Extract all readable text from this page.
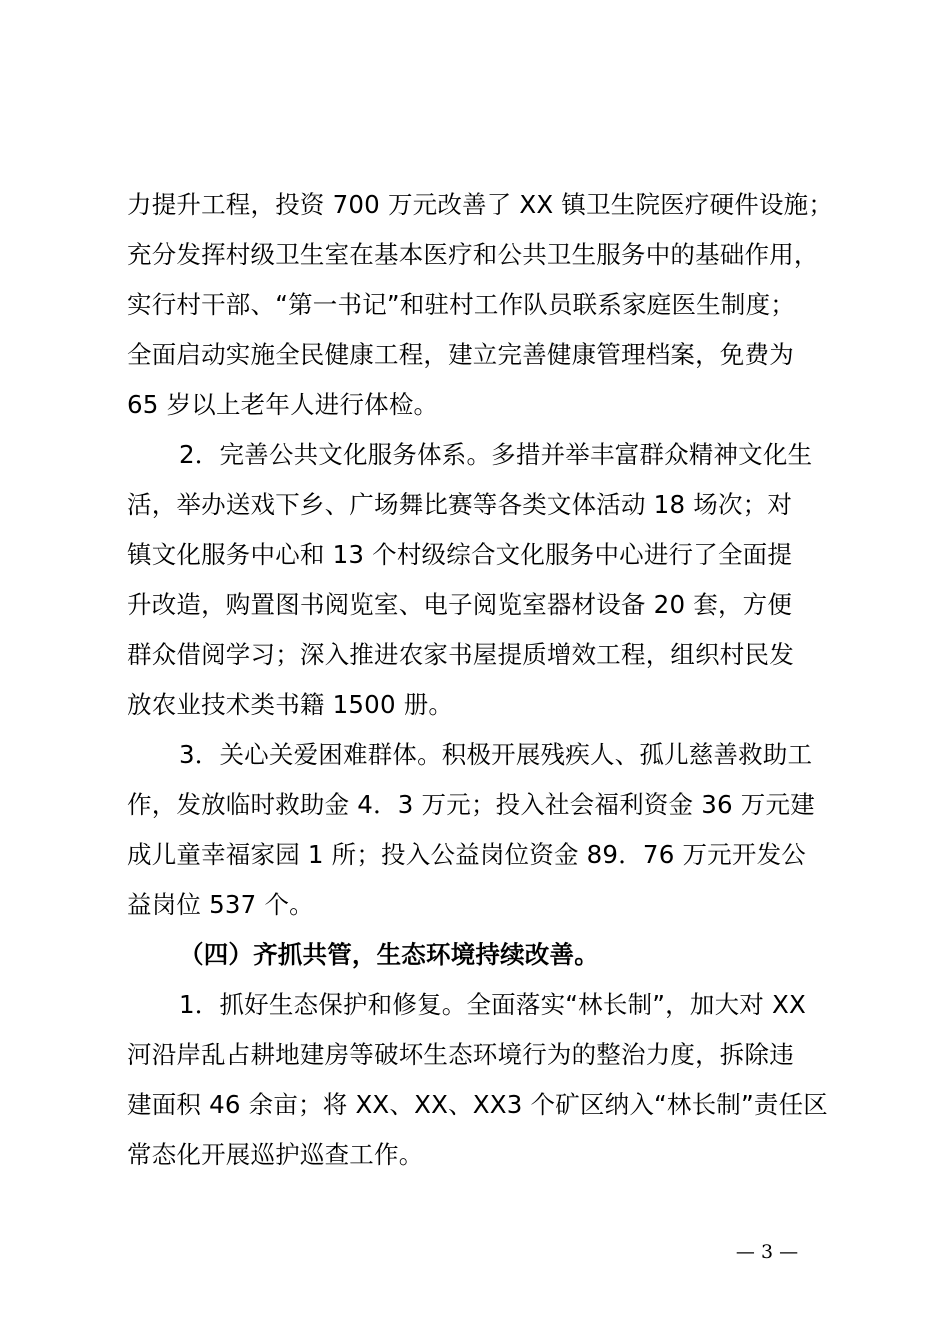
力提升工程，投资 700 万元改善了 XX 镇卫生院医疗硬件设施；
充分发挥村级卫生室在基本医疗和公共卫生服务中的基础作用，
实行村干部、“第一书记”和驻村工作队员联系家庭医生制度；
全面启动实施全民健康工程，建立完善健康管理档案，免费为
65 岁以上老年人进行体检。
2．完善公共文化服务体系。多措并举丰富群众精神文化生
活，举办送戏下乡、广场舞比赛等各类文体活动 18 场次；对
镇文化服务中心和 13 个村级综合文化服务中心进行了全面提
升改造，购置图书阅览室、电子阅览室器材设备 20 套，方便
群众借阅学习；深入推进农家书屋提质增效工程，组织村民发
放农业技术类书籍 1500 册。
3．关心关爱困难群体。积极开展残疾人、孤儿慈善救助工
作，发放临时救助金 4．3 万元；投入社会福利资金 36 万元建
成儿童幸福家园 1 所；投入公益岗位资金 89．76 万元开发公
益岗位 537 个。
（四）齐抓共管，生态环境持续改善。
1．抓好生态保护和修复。全面落实“林长制”，加大对 XX
河沿岸乱占耕地建房等破坏生态环境行为的整治力度，拆除违
建面积 46 余亩；将 XX、XX、XX3 个矿区纳入“林长制”责任区
常态化开展巡护巡查工作。
— 3 —
